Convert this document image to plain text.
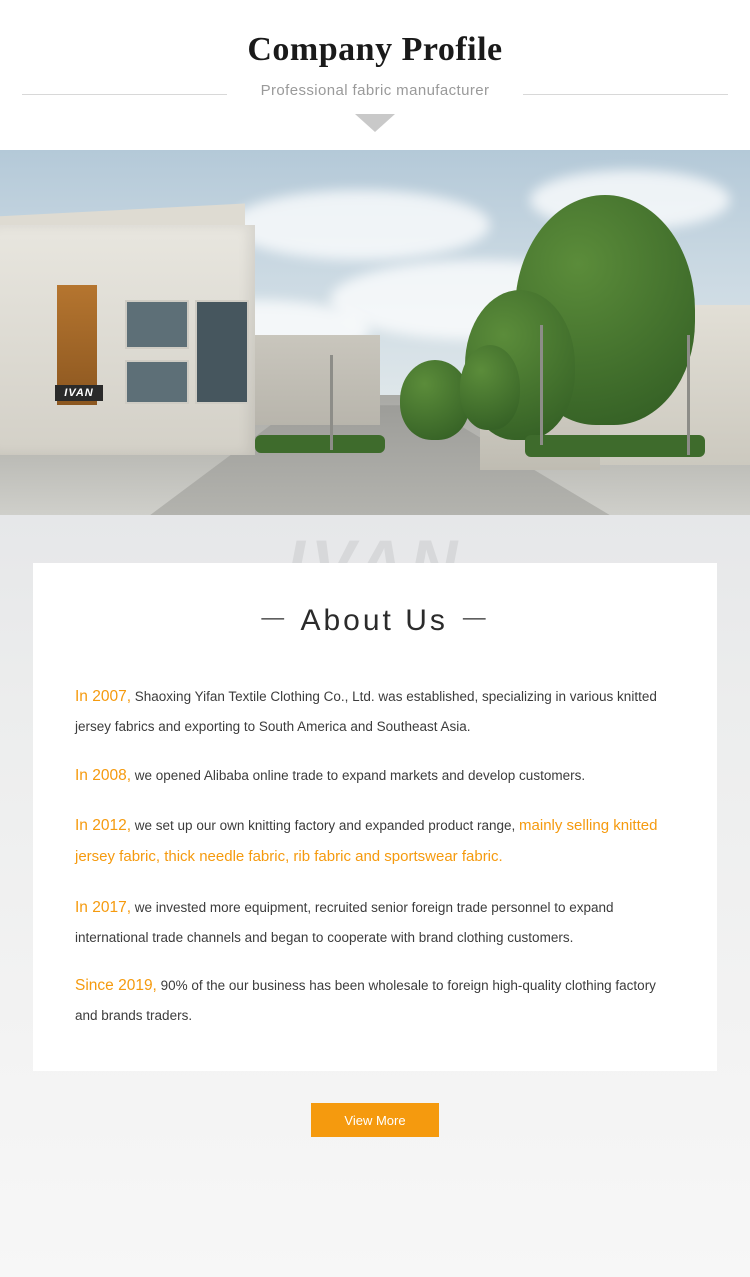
Company Profile
Professional fabric manufacturer
IVAN
－ About Us －

In 2007, Shaoxing Yifan Textile Clothing Co., Ltd. was established, specializing in various knitted jersey fabrics and exporting to South America and Southeast Asia.

In 2008, we opened Alibaba online trade to expand markets and develop customers.

In 2012, we set up our own knitting factory and expanded product range, mainly selling knitted jersey fabric, thick needle fabric, rib fabric and sportswear fabric.

In 2017, we invested more equipment, recruited senior foreign trade personnel to expand international trade channels and began to cooperate with brand clothing customers.

Since 2019, 90% of the our business has been wholesale to foreign high-quality clothing factory and brands traders.

View More
